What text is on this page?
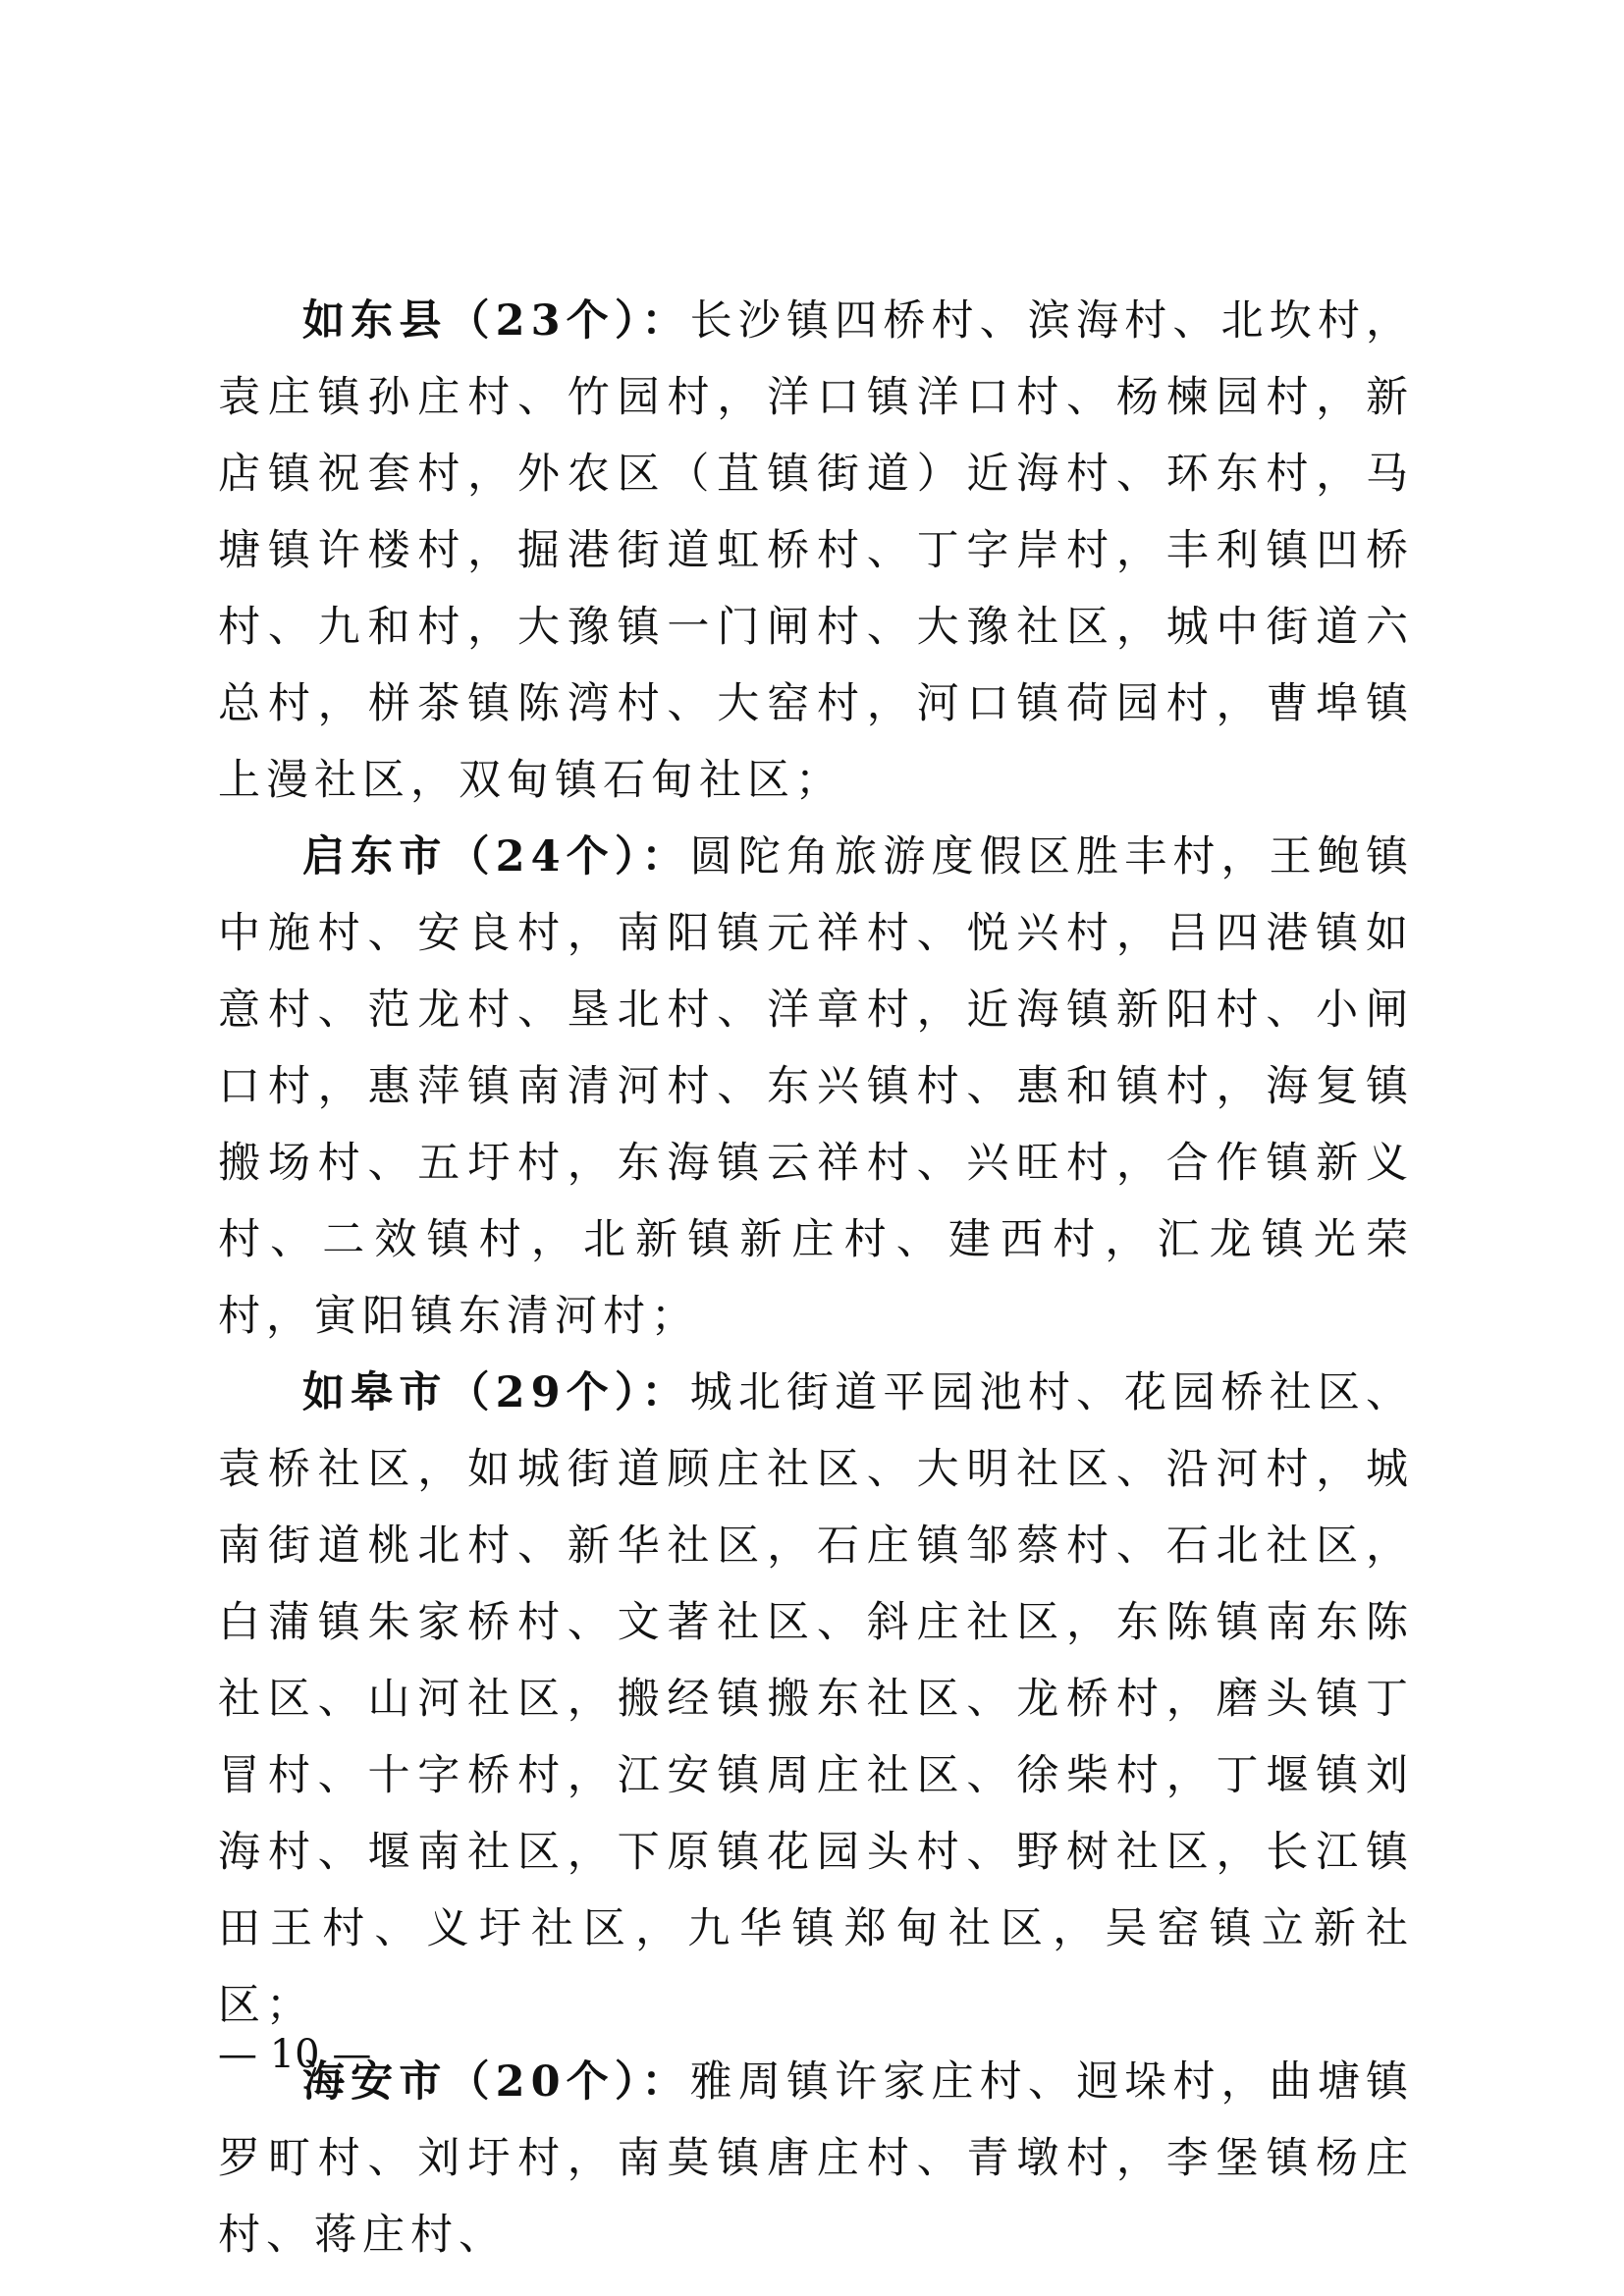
如东县（23个）：长沙镇四桥村、滨海村、北坎村，袁庄镇孙庄村、竹园村，洋口镇洋口村、杨楝园村，新店镇祝套村，外农区（苴镇街道）近海村、环东村，马塘镇许楼村，掘港街道虹桥村、丁字岸村，丰利镇凹桥村、九和村，大豫镇一门闸村、大豫社区，城中街道六总村，栟茶镇陈湾村、大窑村，河口镇荷园村，曹埠镇上漫社区，双甸镇石甸社区；

启东市（24个）：圆陀角旅游度假区胜丰村，王鲍镇中施村、安良村，南阳镇元祥村、悦兴村，吕四港镇如意村、范龙村、垦北村、洋章村，近海镇新阳村、小闸口村，惠萍镇南清河村、东兴镇村、惠和镇村，海复镇搬场村、五圩村，东海镇云祥村、兴旺村，合作镇新义村、二效镇村，北新镇新庄村、建西村，汇龙镇光荣村，寅阳镇东清河村；

如皋市（29个）：城北街道平园池村、花园桥社区、袁桥社区，如城街道顾庄社区、大明社区、沿河村，城南街道桃北村、新华社区，石庄镇邹蔡村、石北社区，白蒲镇朱家桥村、文著社区、斜庄社区，东陈镇南东陈社区、山河社区，搬经镇搬东社区、龙桥村，磨头镇丁冒村、十字桥村，江安镇周庄社区、徐柴村，丁堰镇刘海村、堰南社区，下原镇花园头村、野树社区，长江镇田王村、义圩社区，九华镇郑甸社区，吴窑镇立新社区；

海安市（20个）：雅周镇许家庄村、迥垛村，曲塘镇罗町村、刘圩村，南莫镇唐庄村、青墩村，李堡镇杨庄村、蒋庄村、

— 10 —
